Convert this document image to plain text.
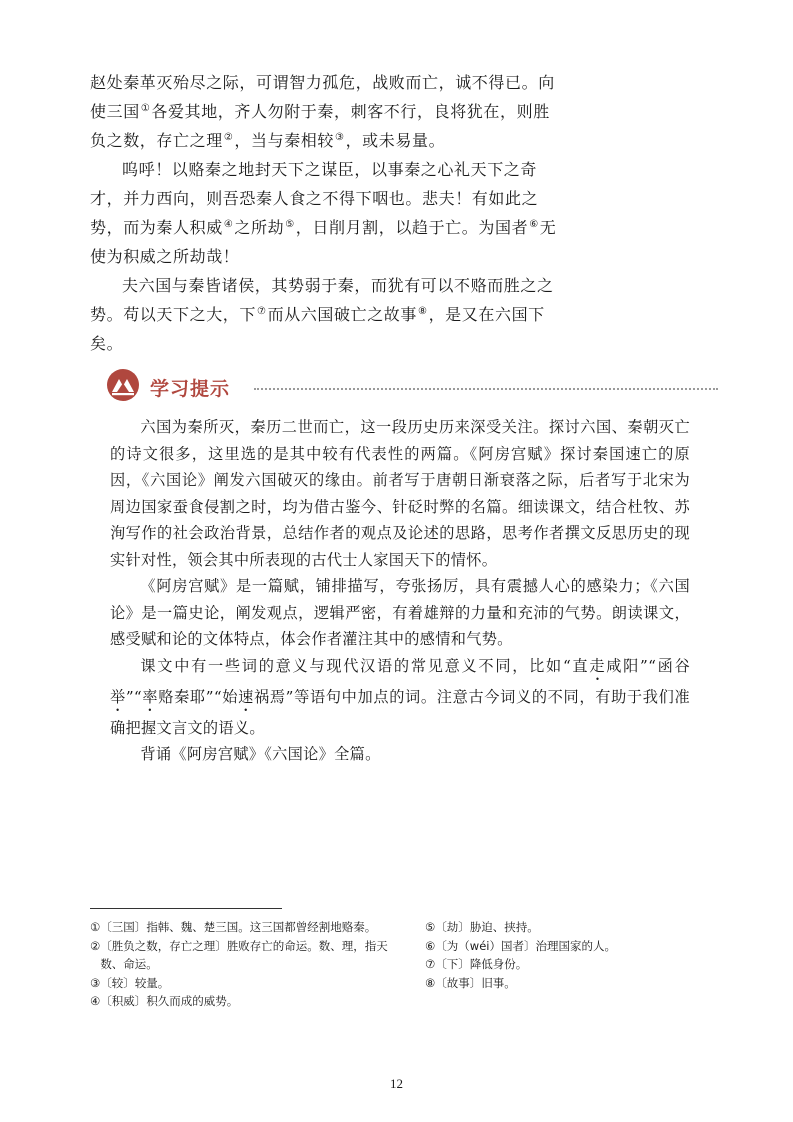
赵处秦革灭殆尽之际，可谓智力孤危，战败而亡，诚不得已。向使三国①各爱其地，齐人勿附于秦，刺客不行，良将犹在，则胜负之数，存亡之理②，当与秦相较③，或未易量。

呜呼！以赂秦之地封天下之谋臣，以事秦之心礼天下之奇才，并力西向，则吾恐秦人食之不得下咽也。悲夫！有如此之势，而为秦人积威④之所劫⑤，日削月割，以趋于亡。为国者⑥无使为积威之所劫哉！

夫六国与秦皆诸侯，其势弱于秦，而犹有可以不赂而胜之之势。苟以天下之大，下⑦而从六国破亡之故事⑧，是又在六国下矣。

学习提示

六国为秦所灭，秦历二世而亡，这一段历史历来深受关注。探讨六国、秦朝灭亡的诗文很多，这里选的是其中较有代表性的两篇。《阿房宫赋》探讨秦国速亡的原因，《六国论》阐发六国破灭的缘由。前者写于唐朝日渐衰落之际，后者写于北宋为周边国家蚕食侵割之时，均为借古鉴今、针砭时弊的名篇。细读课文，结合杜牧、苏洵写作的社会政治背景，总结作者的观点及论述的思路，思考作者撰文反思历史的现实针对性，领会其中所表现的古代士人家国天下的情怀。

《阿房宫赋》是一篇赋，铺排描写，夸张扬厉，具有震撼人心的感染力；《六国论》是一篇史论，阐发观点，逻辑严密，有着雄辩的力量和充沛的气势。朗读课文，感受赋和论的文体特点，体会作者灌注其中的感情和气势。

课文中有一些词的意义与现代汉语的常见意义不同，比如“直走咸阳”“函谷举”“率赂秦耶”“始速祸焉”等语句中加点的词。注意古今词义的不同，有助于我们准确把握文言文的语义。

背诵《阿房宫赋》《六国论》全篇。

① 〔三国〕指韩、魏、楚三国。这三国都曾经割地赂秦。
② 〔胜负之数，存亡之理〕胜败存亡的命运。数、理，指天数、命运。
③ 〔较〕较量。
④ 〔积威〕积久而成的威势。
⑤ 〔劫〕胁迫、挟持。
⑥ 〔为（wéi）国者〕治理国家的人。
⑦ 〔下〕降低身份。
⑧ 〔故事〕旧事。
12
